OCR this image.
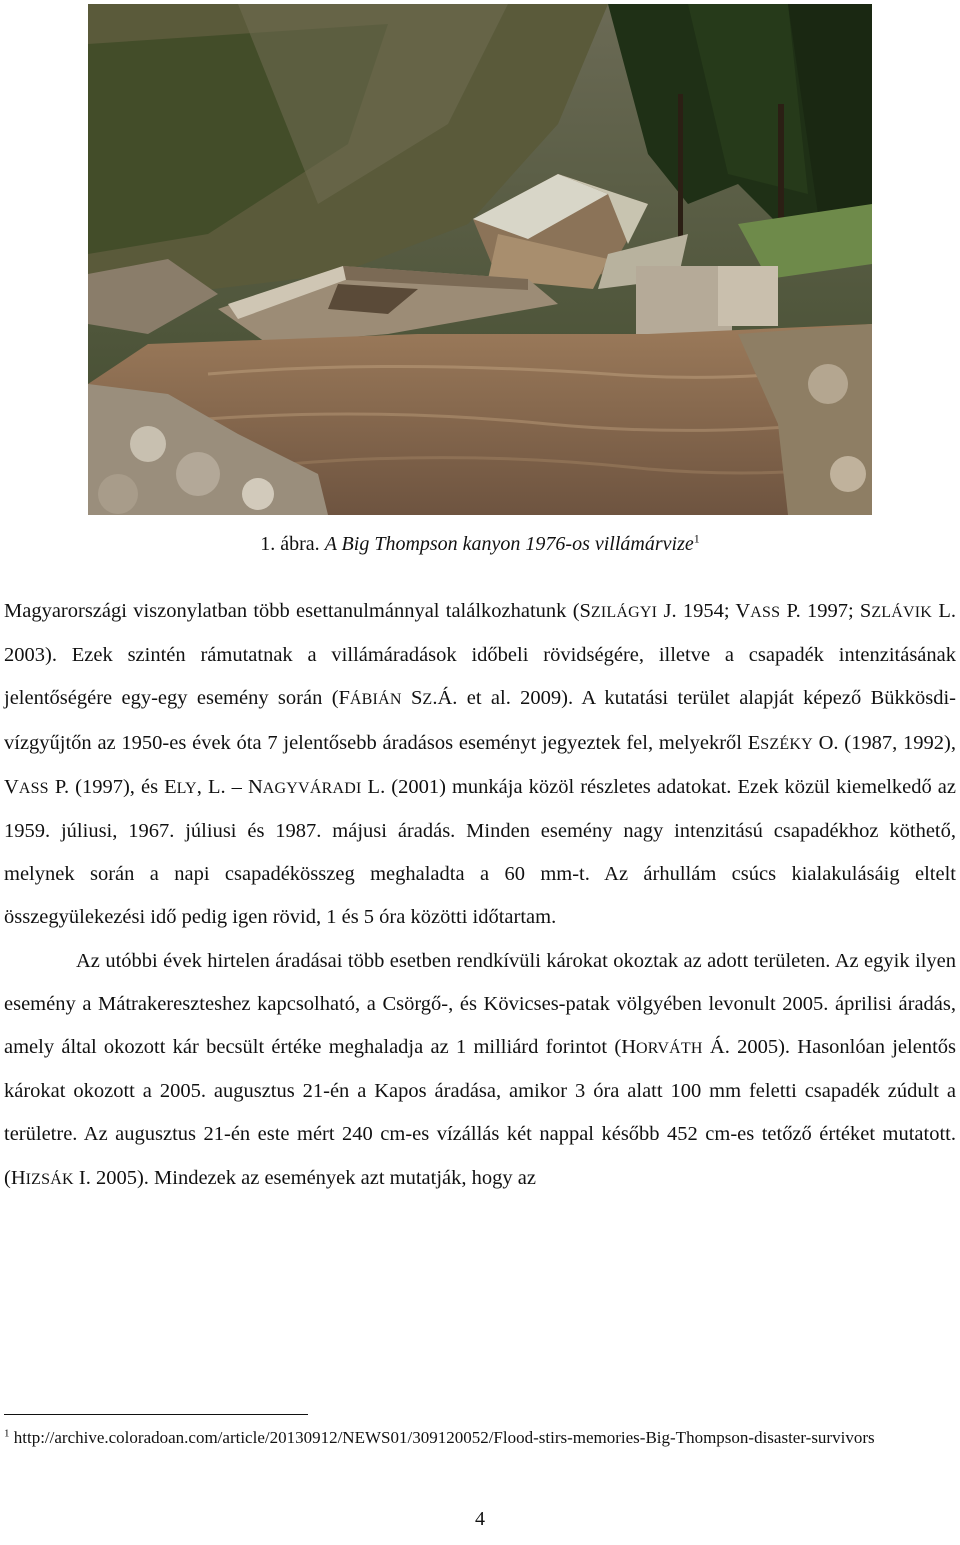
1. ábra. A Big Thompson kanyon 1976-os villámárvize$^1$

Magyarországi viszonylatban több esettanulmánnyal találkozhatunk (SZILÁGYI J. 1954; VASS P. 1997; SZLÁVIK L. 2003). Ezek szintén rámutatnak a villámáradások időbeli rövidségére, illetve a csapadék intenzitásának jelentőségére egy-egy esemény során (FÁBIÁN SZ.Á. et al. 2009). A kutatási terület alapját képező Bükkösdi-vízgyűjtőn az 1950-es évek óta 7 jelentősebb áradásos eseményt jegyeztek fel, melyekről ESZÉKY O. (1987, 1992), VASS P. (1997), és ELY, L. – NAGYVÁRADI L. (2001) munkája közöl részletes adatokat. Ezek közül kiemelkedő az 1959. júliusi, 1967. júliusi és 1987. májusi áradás. Minden esemény nagy intenzitású csapadékhoz köthető, melynek során a napi csapadékösszeg meghaladta a 60 mm-t. Az árhullám csúcs kialakulásáig eltelt összegyülekezési idő pedig igen rövid, 1 és 5 óra közötti időtartam.

Az utóbbi évek hirtelen áradásai több esetben rendkívüli károkat okoztak az adott területen. Az egyik ilyen esemény a Mátrakereszteshez kapcsolható, a Csörgő-, és Kövicses-patak völgyében levonult 2005. áprilisi áradás, amely által okozott kár becsült értéke meghaladja az 1 milliárd forintot (HORVÁTH Á. 2005). Hasonlóan jelentős károkat okozott a 2005. augusztus 21-én a Kapos áradása, amikor 3 óra alatt 100 mm feletti csapadék zúdult a területre. Az augusztus 21-én este mért 240 cm-es vízállás két nappal később 452 cm-es tetőző értéket mutatott. (HIZSÁK I. 2005). Mindezek az események azt mutatják, hogy az

$^1$ http://archive.coloradoan.com/article/20130912/NEWS01/309120052/Flood-stirs-memories-Big-Thompson-disaster-survivors
4
